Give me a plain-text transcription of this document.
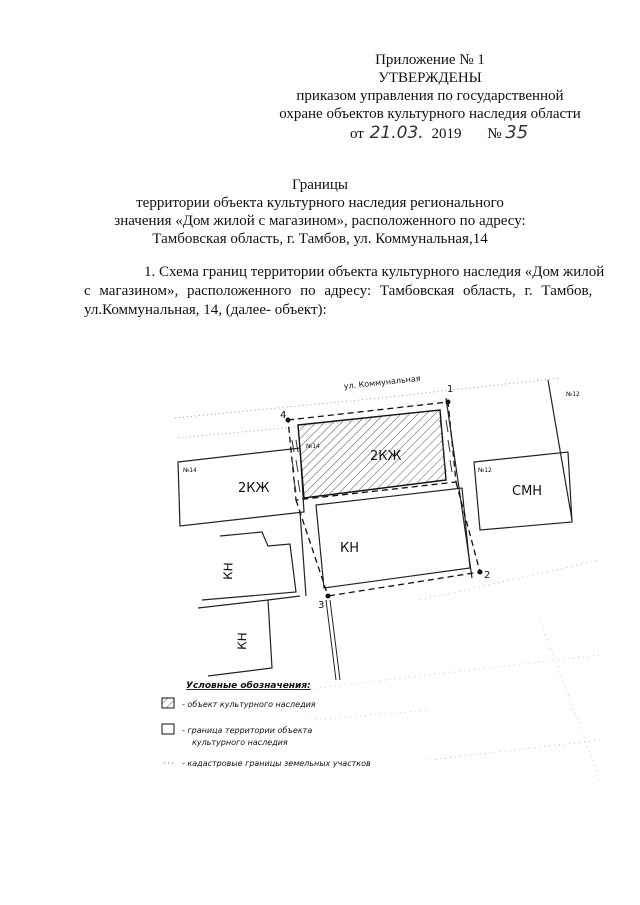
Приложение № 1
УТВЕРЖДЕНЫ
приказом управления по государственной
охране объектов культурного наследия области
от 21.03. 2019 № 35
Границы
территории объекта культурного наследия регионального
значения «Дом жилой с магазином», расположенного по адресу:
Тамбовская область, г. Тамбов, ул. Коммунальная,14
1. Схема границ территории объекта культурного наследия «Дом жилой
с магазином», расположенного по адресу: Тамбовская область, г. Тамбов,
ул.Коммунальная, 14, (далее- объект):
1
2
3
4
ул. Коммунальная
№14	№12
№12
№14
2КЖ
2КЖ	СМН
КН
КН
КН
Условные обозначения:
- объект культурного наследия
- граница территории объекта
культурного наследия
- кадастровые границы земельных участков
